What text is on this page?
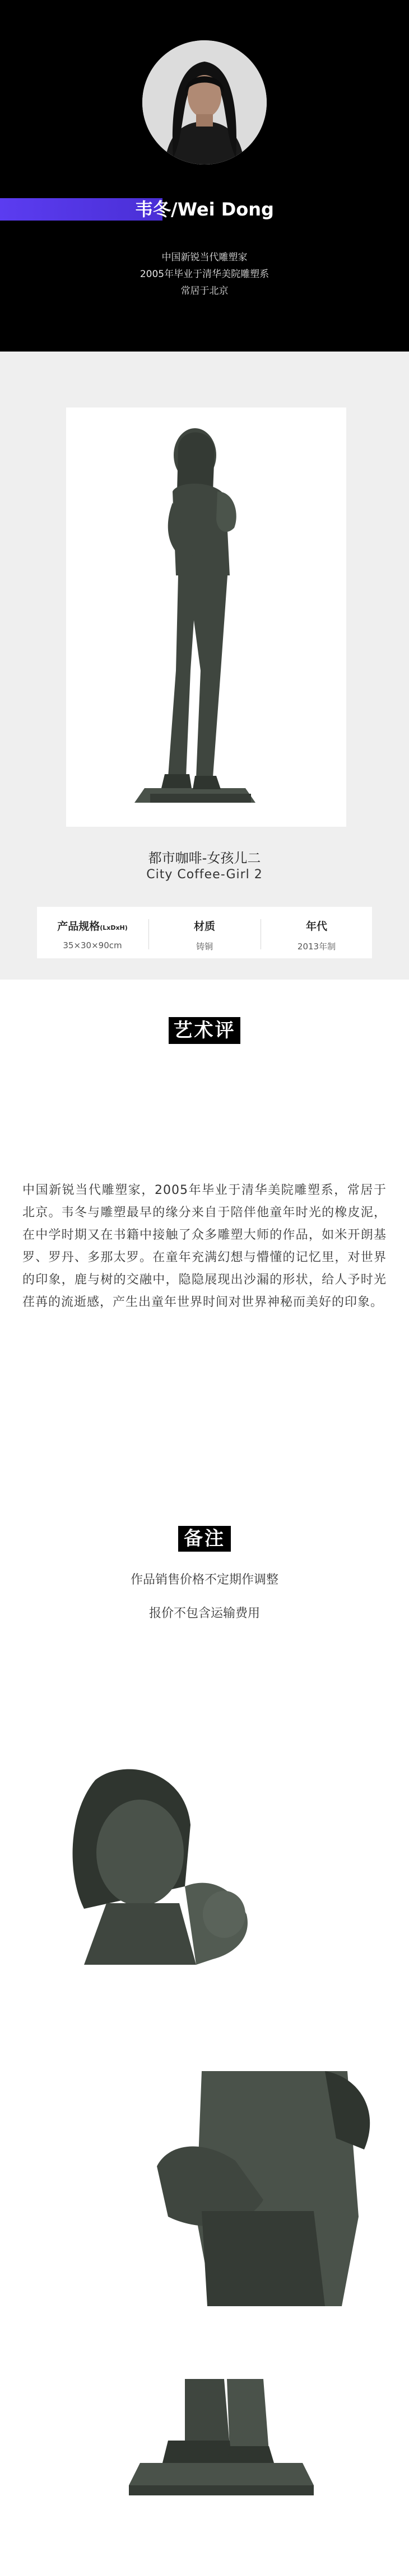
韦冬/Wei Dong
中国新锐当代雕塑家
2005年毕业于清华美院雕塑系
常居于北京
都市咖啡-女孩儿二
City Coffee-Girl 2
产品规格(LxDxH)
35×30×90cm
材质
铸铜
年代
2013年制
艺术评价
中国新锐当代雕塑家，2005年毕业于清华美院雕塑系，常居于北京。韦冬与雕塑最早的缘分来自于陪伴他童年时光的橡皮泥，在中学时期又在书籍中接触了众多雕塑大师的作品，如米开朗基罗、罗丹、多那太罗。在童年充满幻想与懵懂的记忆里，对世界的印象，鹿与树的交融中，隐隐展现出沙漏的形状，给人予时光荏苒的流逝感，产生出童年世界时间对世界神秘而美好的印象。
备注
作品销售价格不定期作调整
报价不包含运输费用
